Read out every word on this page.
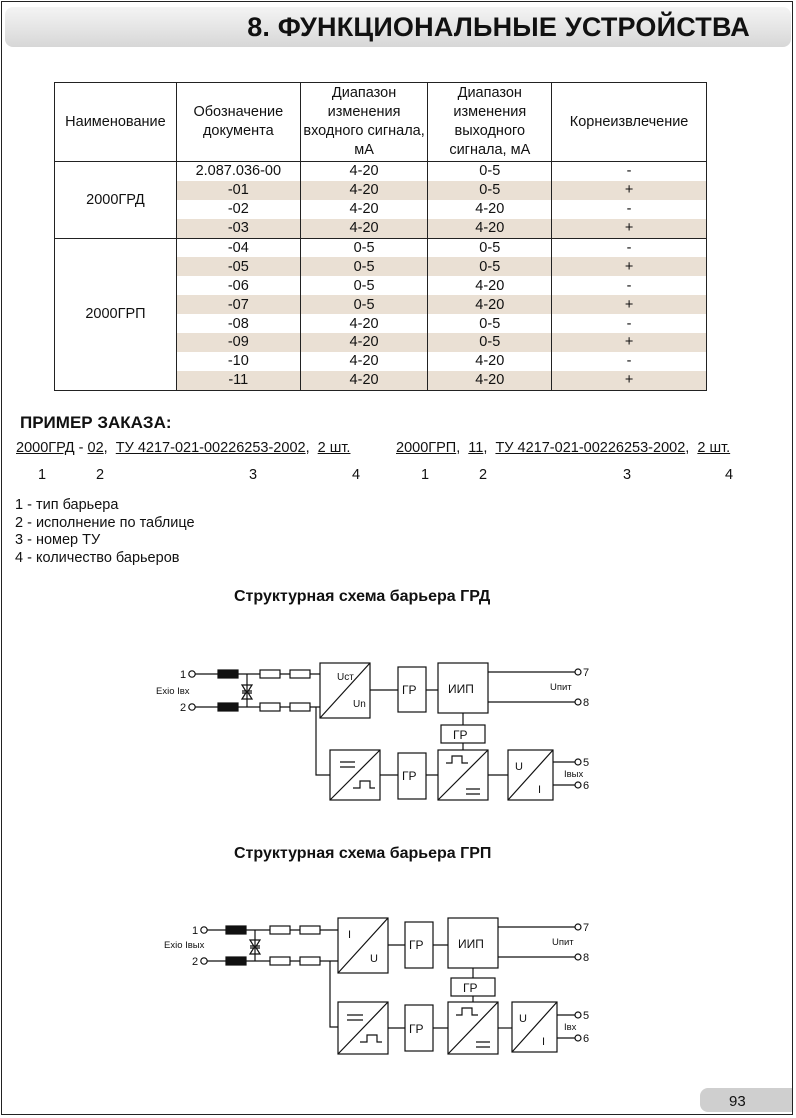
8. ФУНКЦИОНАЛЬНЫЕ УСТРОЙСТВА
Наименование	Обозначение документа	Диапазон изменения входного сигнала, мА	Диапазон изменения выходного сигнала, мА	Корнеизвлечение
2000ГРД	2.087.036-00	4-20	0-5	-
	-01	4-20	0-5	+
	-02	4-20	4-20	-
	-03	4-20	4-20	+
2000ГРП	-04	0-5	0-5	-
	-05	0-5	0-5	+
	-06	0-5	4-20	-
	-07	0-5	4-20	+
	-08	4-20	0-5	-
	-09	4-20	0-5	+
	-10	4-20	4-20	-
	-11	4-20	4-20	+
ПРИМЕР ЗАКАЗА:
2000ГРД - 02,  ТУ 4217-021-00226253-2002,  2 шт.	2000ГРП,  11,  ТУ 4217-021-00226253-2002,  2 шт.
1	2	3	4	1	2	3	4
1 - тип барьера
2 - исполнение по таблице
3 - номер ТУ
4 - количество барьеров
Структурная схема барьера ГРД
Структурная схема барьера ГРП
1
2
Exio Iвх
Uст
Un
ГР	ИИП
ГР
ГР
U
I
Uпит
Iвых
7
8
5
6
1
2
Exio Iвых
I
U
ГР	ИИП
ГР
ГР
U
I
Uпит
Iвх
7
8
5
6
93
